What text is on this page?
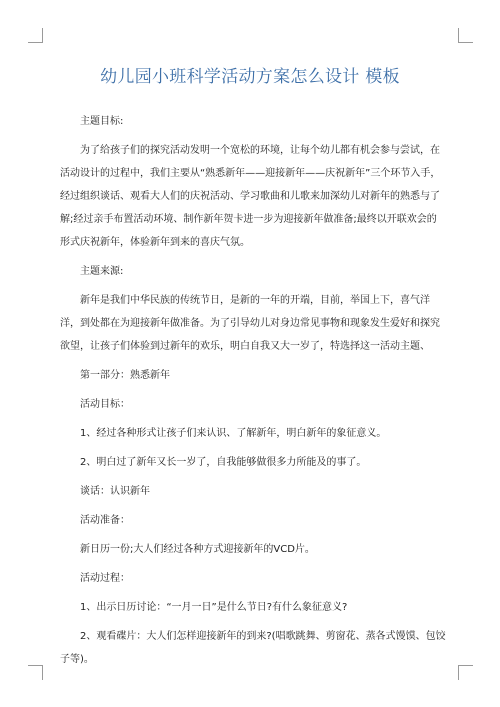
幼儿园小班科学活动方案怎么设计 模板

主题目标:

为了给孩子们的探究活动发明一个宽松的环境，让每个幼儿都有机会参与尝试，在活动设计的过程中，我们主要从“熟悉新年——迎接新年——庆祝新年”三个环节入手，经过组织谈话、观看大人们的庆祝活动、学习歌曲和儿歌来加深幼儿对新年的熟悉与了解;经过亲手布置活动环境、制作新年贺卡进一步为迎接新年做准备;最终以开联欢会的形式庆祝新年，体验新年到来的喜庆气氛。

主题来源:

新年是我们中华民族的传统节日，是新的一年的开端，目前，举国上下，喜气洋洋，到处都在为迎接新年做准备。为了引导幼儿对身边常见事物和现象发生爱好和探究欲望，让孩子们体验到过新年的欢乐，明白自我又大一岁了，特选择这一活动主题、

第一部分：熟悉新年

活动目标：

1、经过各种形式让孩子们来认识、了解新年，明白新年的象征意义。

2、明白过了新年又长一岁了，自我能够做很多力所能及的事了。

谈话：认识新年

活动准备：

新日历一份;大人们经过各种方式迎接新年的VCD片。

活动过程：

1、出示日历讨论：“一月一日”是什么节日?有什么象征意义?

2、观看碟片：大人们怎样迎接新年的到来?(唱歌跳舞、剪窗花、蒸各式馒馍、包饺子等)。
